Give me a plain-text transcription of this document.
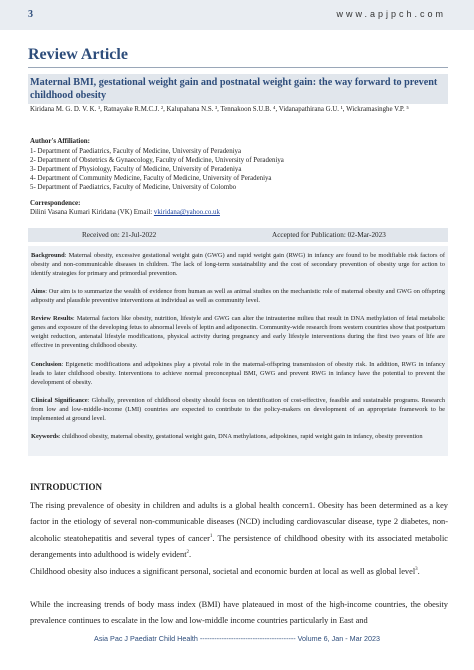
3	www.apjpch.com
Review Article
Maternal BMI, gestational weight gain and postnatal weight gain: the way forward to prevent childhood obesity
Kiridana M. G. D. V. K. ¹, Ratnayake R.M.C.J. ², Kalupahana N.S. ³, Tennakoon S.U.B. ⁴, Vidanapathirana G.U. ¹, Wickramasinghe V.P. ⁵
Author's Affiliation:
1- Department of Paediatrics, Faculty of Medicine, University of Peradeniya
2- Department of Obstetrics & Gynaecology, Faculty of Medicine, University of Peradeniya
3- Department of Physiology, Faculty of Medicine, University of Peradeniya
4- Department of Community Medicine, Faculty of Medicine, University of Peradeniya
5- Department of Paediatrics, Faculty of Medicine, University of Colombo
Correspondence:
Dilini Vasana Kumari Kiridana (VK) Email: vkiridana@yahoo.co.uk
Received on: 21-Jul-2022	Accepted for Publication: 02-Mar-2023
Background: Maternal obesity, excessive gestational weight gain (GWG) and rapid weight gain (RWG) in infancy are found to be modifiable risk factors of obesity and non-communicable diseases in children. The lack of long-term sustainability and the cost of secondary prevention of obesity urge for action to identify strategies for primary and primordial prevention.
Aims: Our aim is to summarize the wealth of evidence from human as well as animal studies on the mechanistic role of maternal obesity and GWG on offspring adiposity and plausible preventive interventions at individual as well as community level.
Review Results: Maternal factors like obesity, nutrition, lifestyle and GWG can alter the intrauterine milieu that result in DNA methylation of fetal metabolic genes and exposure of the developing fetus to abnormal levels of leptin and adiponectin. Community-wide research from western countries show that postpartum weight reduction, antenatal lifestyle modifications, physical activity during pregnancy and early lifestyle interventions during the first two years of life are effective in preventing childhood obesity.
Conclusion: Epigenetic modifications and adipokines play a pivotal role in the maternal-offspring transmission of obesity risk. In addition, RWG in infancy leads to later childhood obesity. Interventions to achieve normal preconceptual BMI, GWG and prevent RWG in infancy have the potential to prevent the development of obesity.
Clinical Significance: Globally, prevention of childhood obesity should focus on identification of cost-effective, feasible and sustainable programs. Research from low and low-middle-income (LMI) countries are expected to contribute to the policy-makers on development of an appropriate framework to be implemented at ground level.
Keywords: childhood obesity, maternal obesity, gestational weight gain, DNA methylations, adipokines, rapid weight gain in infancy, obesity prevention
INTRODUCTION
The rising prevalence of obesity in children and adults is a global health concern1. Obesity has been determined as a key factor in the etiology of several non-communicable diseases (NCD) including cardiovascular disease, type 2 diabetes, non-alcoholic steatohepatitis and several types of cancer$^1$. The persistence of childhood obesity with its associated metabolic derangements into adulthood is widely evident$^2$.
Childhood obesity also induces a significant personal, societal and economic burden at local as well as global level$^3$.
While the increasing trends of body mass index (BMI) have plateaued in most of the high-income countries, the obesity prevalence continues to escalate in the low and low-middle income countries particularly in East and
Asia Pac J Paediatr Child Health ---------------------------------------- Volume 6, Jan - Mar 2023
